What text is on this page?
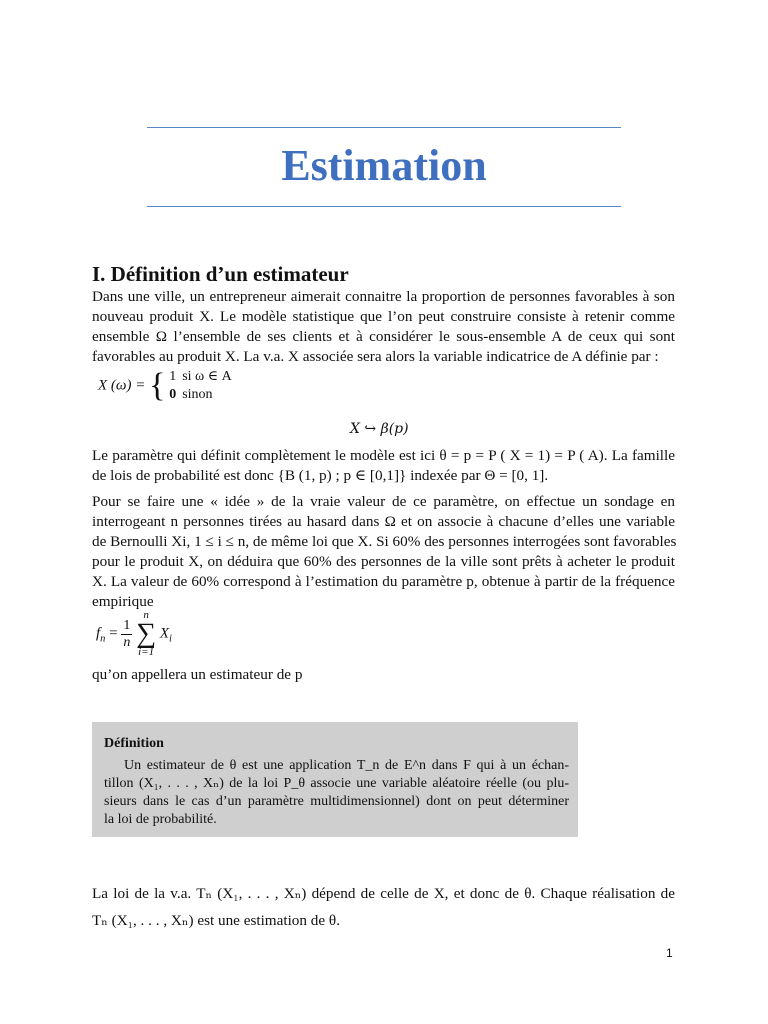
Estimation
I. Définition d’un estimateur
Dans une ville, un entrepreneur aimerait connaitre la proportion de personnes favorables à son
nouveau produit X. Le modèle statistique que l’on peut construire consiste à retenir comme
ensemble Ω l’ensemble de ses clients et à considérer le sous-ensemble A de ceux qui sont
favorables au produit X. La v.a. X associée sera alors la variable indicatrice de A définie par :
X (ω) = { 1	si ω ∈ A
0	sinon
X ↪ β(p)
Le paramètre qui définit complètement le modèle est ici θ = p = P ( X = 1) = P ( A). La famille
de lois de probabilité est donc {B (1, p) ; p ∈ [0,1]} indexée par Θ = [0, 1].
Pour se faire une « idée » de la vraie valeur de ce paramètre, on effectue un sondage en
interrogeant n personnes tirées au hasard dans Ω et on associe à chacune d’elles une variable
de Bernoulli Xi, 1 ≤ i ≤ n, de même loi que X. Si 60% des personnes interrogées sont favorables
pour le produit X, on déduira que 60% des personnes de la ville sont prêts à acheter le produit
X. La valeur de 60% correspond à l’estimation du paramètre p, obtenue à partir de la fréquence
empirique
$f_n = \frac{1}{n}$
n
∑
i=1 $X_i$
qu’on appellera un estimateur de p
Définition
Un estimateur de θ est une application T_n de E^n dans F qui à un échan-
tillon (X₁, . . . , Xₙ) de la loi P_θ associe une variable aléatoire réelle (ou plu-
sieurs dans le cas d’un paramètre multidimensionnel) dont on peut déterminer
la loi de probabilité.
La loi de la v.a. Tₙ (X₁, . . . , Xₙ) dépend de celle de X, et donc de θ. Chaque réalisation de
Tₙ (X₁, . . . , Xₙ) est une estimation de θ.
1
